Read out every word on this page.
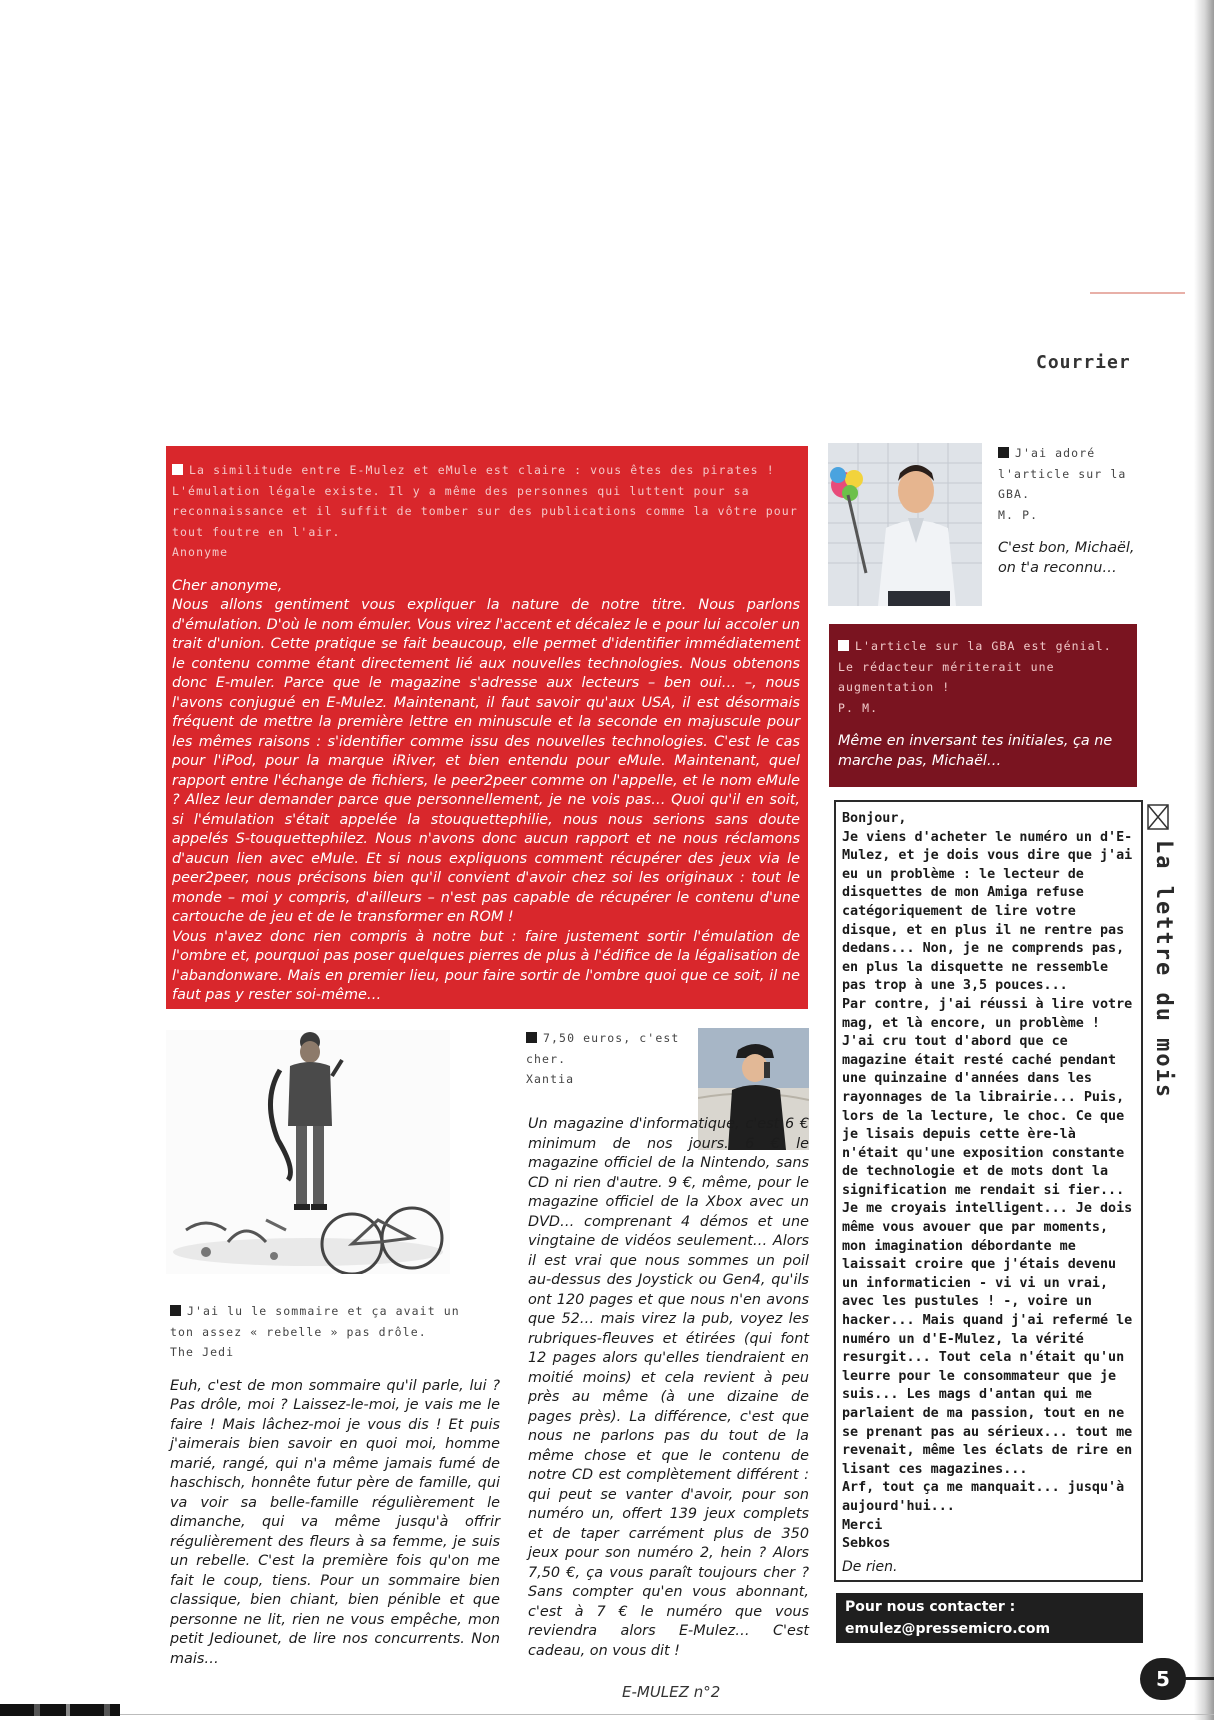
Courrier
La similitude entre E-Mulez et eMule est claire : vous êtes des pirates ! L'émulation légale existe. Il y a même des personnes qui luttent pour sa reconnaissance et il suffit de tomber sur des publications comme la vôtre pour tout foutre en l'air.
Anonyme

Cher anonyme,

Nous allons gentiment vous expliquer la nature de notre titre. Nous parlons d'émulation. D'où le nom émuler. Vous virez l'accent et décalez le e pour lui accoler un trait d'union. Cette pratique se fait beaucoup, elle permet d'identifier immédiatement le contenu comme étant directement lié aux nouvelles technologies. Nous obtenons donc E-muler. Parce que le magazine s'adresse aux lecteurs – ben oui… –, nous l'avons conjugué en E-Mulez. Maintenant, il faut savoir qu'aux USA, il est désormais fréquent de mettre la première lettre en minuscule et la seconde en majuscule pour les mêmes raisons : s'identifier comme issu des nouvelles technologies. C'est le cas pour l'iPod, pour la marque iRiver, et bien entendu pour eMule. Maintenant, quel rapport entre l'échange de fichiers, le peer2peer comme on l'appelle, et le nom eMule ? Allez leur demander parce que personnellement, je ne vois pas… Quoi qu'il en soit, si l'émulation s'était appelée la stouquettephilie, nous nous serions sans doute appelés S-touquettephilez. Nous n'avons donc aucun rapport et ne nous réclamons d'aucun lien avec eMule. Et si nous expliquons comment récupérer des jeux via le peer2peer, nous précisons bien qu'il convient d'avoir chez soi les originaux : tout le monde – moi y compris, d'ailleurs – n'est pas capable de récupérer le contenu d'une cartouche de jeu et de le transformer en ROM !

Vous n'avez donc rien compris à notre but : faire justement sortir l'émulation de l'ombre et, pourquoi pas poser quelques pierres de plus à l'édifice de la légalisation de l'abandonware. Mais en premier lieu, pour faire sortir de l'ombre quoi que ce soit, il ne faut pas y rester soi-même…

J'ai adoré l'article sur la GBA.
M. P.
C'est bon, Michaël, on t'a reconnu…
L'article sur la GBA est génial. Le rédacteur mériterait une augmentation !
P. M.
Même en inversant tes initiales, ça ne marche pas, Michaël…
J'ai lu le sommaire et ça avait un ton assez « rebelle » pas drôle.
The Jedi
Euh, c'est de mon sommaire qu'il parle, lui ? Pas drôle, moi ? Laissez-le-moi, je vais me le faire ! Mais lâchez-moi je vous dis ! Et puis j'aimerais bien savoir en quoi moi, homme marié, rangé, qui n'a même jamais fumé de haschisch, honnête futur père de famille, qui va voir sa belle-famille régulièrement le dimanche, qui va même jusqu'à offrir régulièrement des fleurs à sa femme, je suis un rebelle. C'est la première fois qu'on me fait le coup, tiens. Pour un sommaire bien classique, bien chiant, bien pénible et que personne ne lit, rien ne vous empêche, mon petit Jediounet, de lire nos concurrents. Non mais…
7,50 euros, c'est cher.
Xantia
Un magazine d'informatique, c'est 6 € minimum de nos jours. 6 € le magazine officiel de la Nintendo, sans CD ni rien d'autre. 9 €, même, pour le magazine officiel de la Xbox avec un DVD… comprenant 4 démos et une vingtaine de vidéos seulement… Alors il est vrai que nous sommes un poil au-dessus des Joystick ou Gen4, qu'ils ont 120 pages et que nous n'en avons que 52… mais virez la pub, voyez les rubriques-fleuves et étirées (qui font 12 pages alors qu'elles tiendraient en moitié moins) et cela revient à peu près au même (à une dizaine de pages près). La différence, c'est que nous ne parlons pas du tout de la même chose et que le contenu de notre CD est complètement différent : qui peut se vanter d'avoir, pour son numéro un, offert 139 jeux complets et de taper carrément plus de 350 jeux pour son numéro 2, hein ? Alors 7,50 €, ça vous paraît toujours cher ? Sans compter qu'en vous abonnant, c'est à 7 € le numéro que vous reviendra alors E-Mulez… C'est cadeau, on vous dit !
Bonjour,
Je viens d'acheter le numéro un d'E-Mulez, et je dois vous dire que j'ai eu un problème : le lecteur de disquettes de mon Amiga refuse catégoriquement de lire votre disque, et en plus il ne rentre pas dedans... Non, je ne comprends pas, en plus la disquette ne ressemble pas trop à une 3,5 pouces...
Par contre, j'ai réussi à lire votre mag, et là encore, un problème ! J'ai cru tout d'abord que ce magazine était resté caché pendant une quinzaine d'années dans les rayonnages de la librairie... Puis, lors de la lecture, le choc. Ce que je lisais depuis cette ère-là n'était qu'une exposition constante de technologie et de mots dont la signification me rendait si fier... Je me croyais intelligent... Je dois même vous avouer que par moments, mon imagination débordante me laissait croire que j'étais devenu un informaticien - vi vi un vrai, avec les pustules ! -, voire un hacker... Mais quand j'ai refermé le numéro un d'E-Mulez, la vérité resurgit... Tout cela n'était qu'un leurre pour le consommateur que je suis... Les mags d'antan qui me parlaient de ma passion, tout en ne se prenant pas au sérieux... tout me revenait, même les éclats de rire en lisant ces magazines...
Arf, tout ça me manquait... jusqu'à aujourd'hui...
Merci
Sebkos
De rien.
La lettre du mois
Pour nous contacter :
emulez@pressemicro.com
E-MULEZ n°2
5
